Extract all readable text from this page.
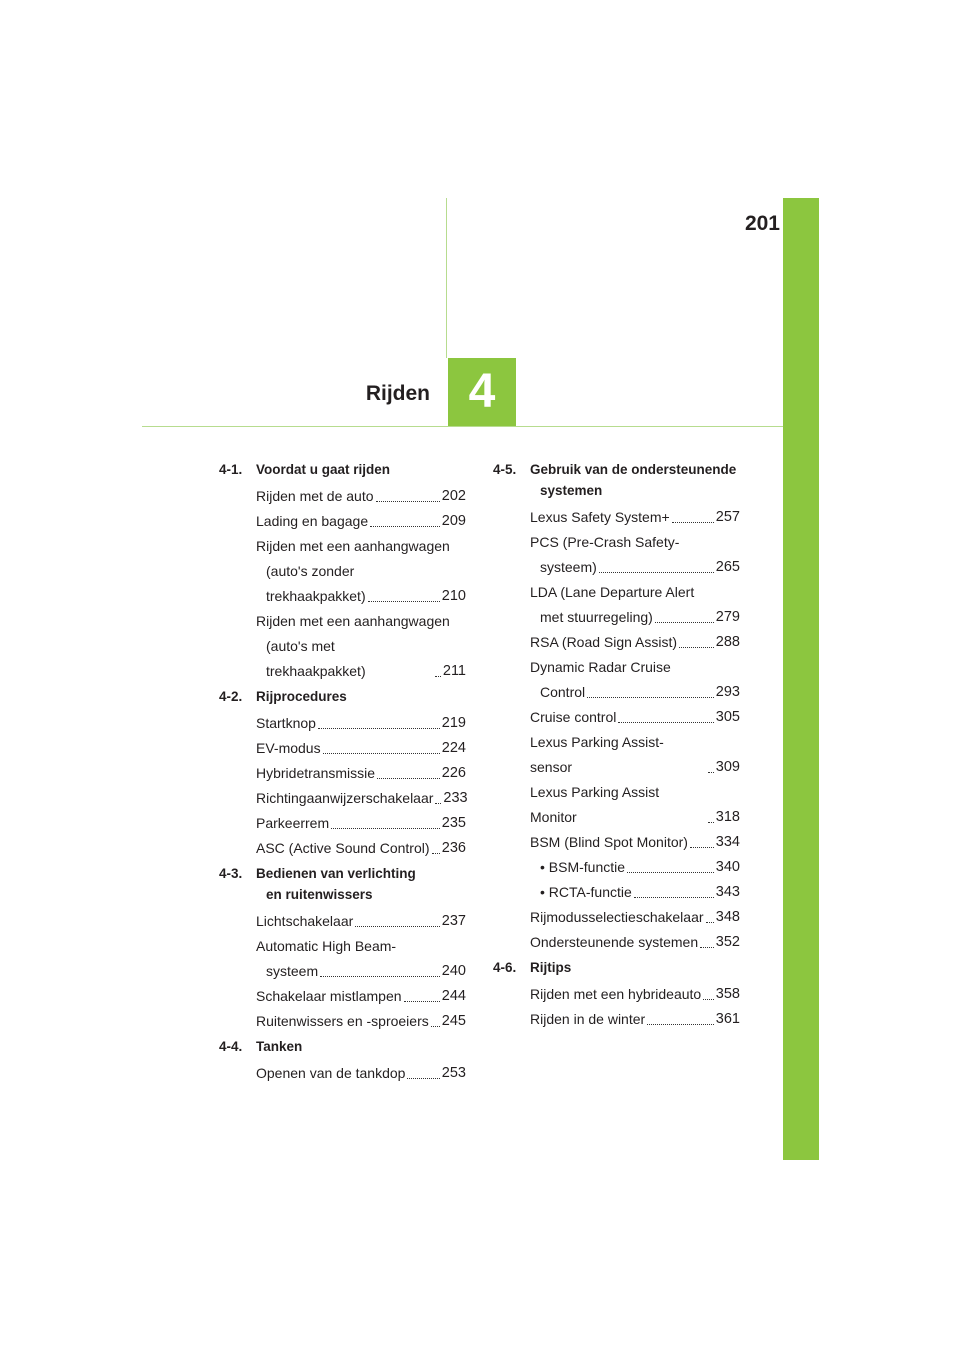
201
Rijden 4
4-1. Voordat u gaat rijden
Rijden met de auto	202
Lading en bagage	209
Rijden met een aanhangwagen
(auto's zonder
trekhaakpakket)	210
Rijden met een aanhangwagen
(auto's met trekhaakpakket)	211
4-2. Rijprocedures
Startknop	219
EV-modus	224
Hybridetransmissie	226
Richtingaanwijzerschakelaar 233
Parkeerrem	235
ASC (Active Sound Control) 236
4-3. Bedienen van verlichting
en ruitenwissers
Lichtschakelaar	237
Automatic High Beam-
systeem	240
Schakelaar mistlampen	244
Ruitenwissers en -sproeiers 245
4-4. Tanken
Openen van de tankdop	253
4-5. Gebruik van de ondersteunende
systemen
Lexus Safety System+	257
PCS (Pre-Crash Safety-
systeem)	265
LDA (Lane Departure Alert
met stuurregeling)	279
RSA (Road Sign Assist)	288
Dynamic Radar Cruise
Control	293
Cruise control	305
Lexus Parking Assist-sensor	309
Lexus Parking Assist Monitor	318
BSM (Blind Spot Monitor) 334
• BSM-functie	340
• RCTA-functie	343
Rijmodusselectieschakelaar 348
Ondersteunende systemen 352
4-6. Rijtips
Rijden met een hybrideauto 358
Rijden in de winter	361
